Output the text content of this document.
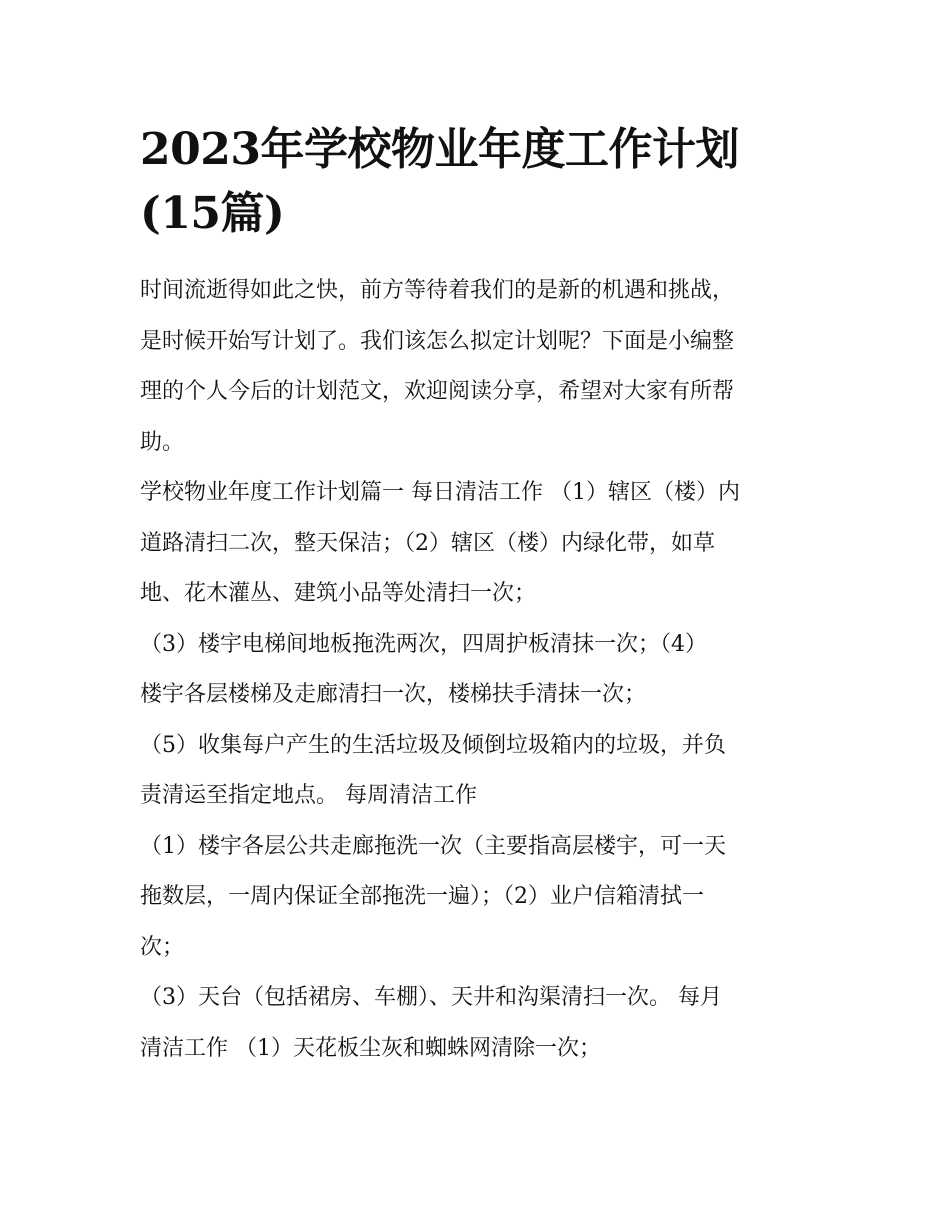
2023年学校物业年度工作计划
(15篇)

时间流逝得如此之快，前方等待着我们的是新的机遇和挑战，
是时候开始写计划了。我们该怎么拟定计划呢？下面是小编整
理的个人今后的计划范文，欢迎阅读分享，希望对大家有所帮
助。

学校物业年度工作计划篇一 每日清洁工作 （1）辖区（楼）内
道路清扫二次，整天保洁；（2）辖区（楼）内绿化带，如草
地、花木灌丛、建筑小品等处清扫一次；

（3）楼宇电梯间地板拖洗两次，四周护板清抹一次；（4）
楼宇各层楼梯及走廊清扫一次，楼梯扶手清抹一次；

（5）收集每户产生的生活垃圾及倾倒垃圾箱内的垃圾，并负
责清运至指定地点。 每周清洁工作

（1）楼宇各层公共走廊拖洗一次（主要指高层楼宇，可一天
拖数层，一周内保证全部拖洗一遍）；（2）业户信箱清拭一
次；

（3）天台（包括裙房、车棚）、天井和沟渠清扫一次。 每月
清洁工作 （1）天花板尘灰和蜘蛛网清除一次；
